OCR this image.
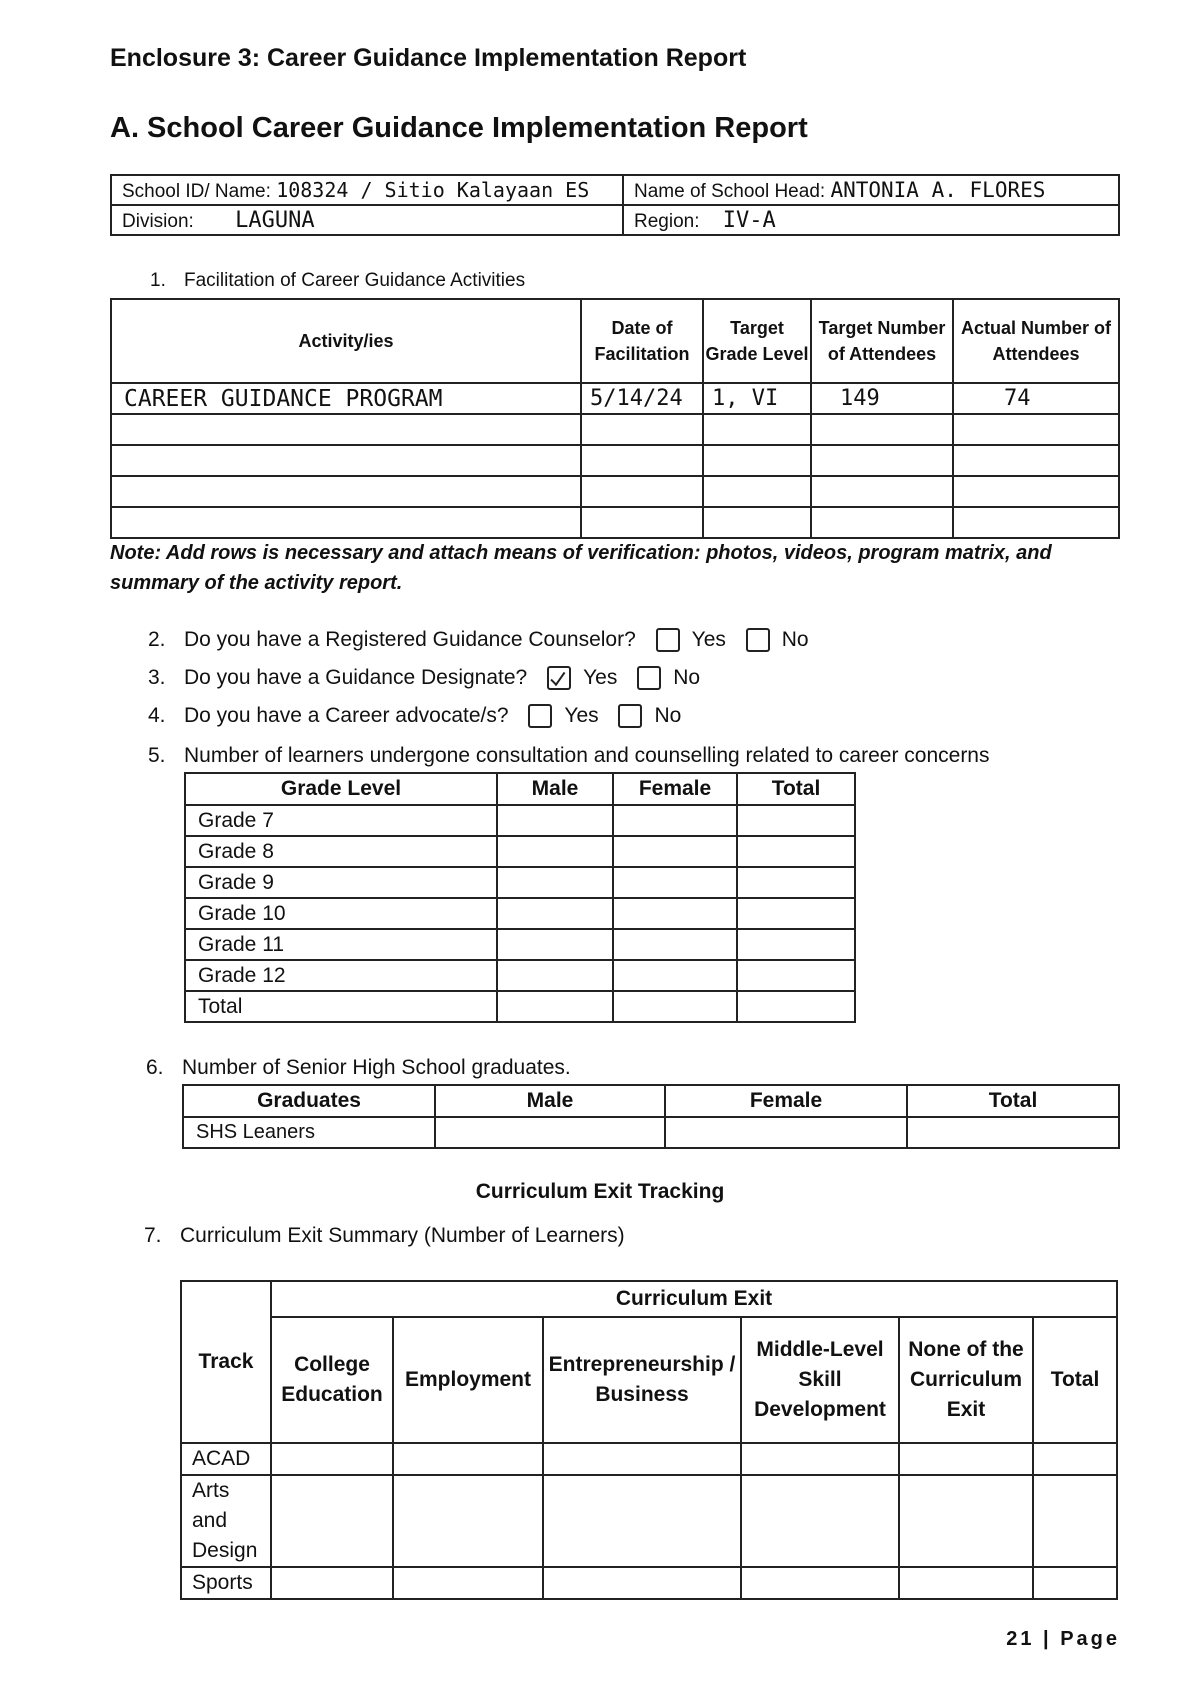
Enclosure 3: Career Guidance Implementation Report
A. School Career Guidance Implementation Report
School ID/ Name: 108324 / Sitio Kalayaan ES	Name of School Head: ANTONIA A. FLORES
Division: LAGUNA	Region: IV-A
1. Facilitation of Career Guidance Activities
Activity/ies	Date of Facilitation	Target Grade Level	Target Number of Attendees	Actual Number of Attendees
CAREER GUIDANCE PROGRAM	5/14/24	1, VI	149	74

Note: Add rows is necessary and attach means of verification: photos, videos, program matrix, and summary of the activity report.
2. Do you have a Registered Guidance Counselor?	Yes	No
3. Do you have a Guidance Designate?	Yes	No
4. Do you have a Career advocate/s?	Yes	No
5. Number of learners undergone consultation and counselling related to career concerns
Grade Level	Male	Female	Total
Grade 7			
Grade 8			
Grade 9			
Grade 10			
Grade 11			
Grade 12			
Total			
6. Number of Senior High School graduates.
Graduates	Male	Female	Total
SHS Leaners			
Curriculum Exit Tracking
7. Curriculum Exit Summary (Number of Learners)
Track	Curriculum Exit					
	College Education	Employment	Entrepreneurship / Business	Middle-Level Skill Development	None of the Curriculum Exit	Total
ACAD						
Arts and Design						
Sports						
21 | Page
